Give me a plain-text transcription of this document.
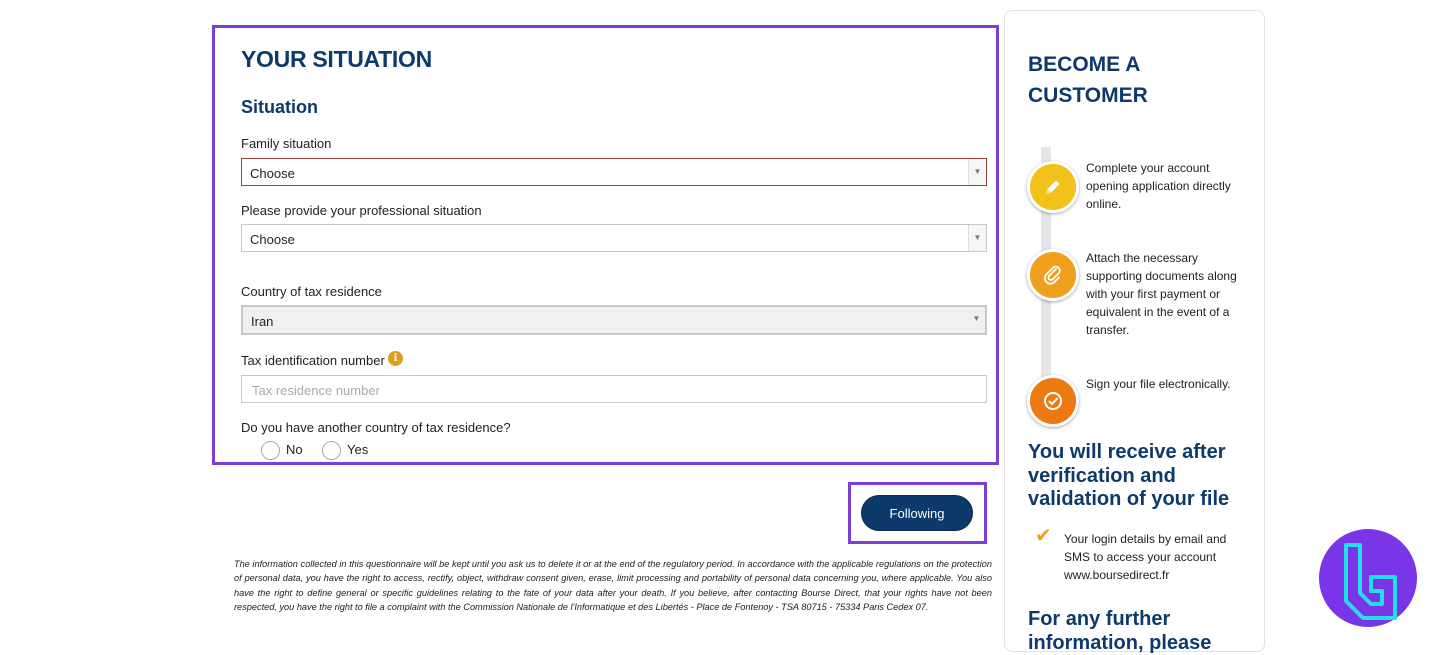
YOUR SITUATION
Situation
Family situation
Choose	▼
Please provide your professional situation
Choose	▼
Country of tax residence
Iran	▼
Tax identification number i
Tax residence number
Do you have another country of tax residence?
No	Yes
Following
The information collected in this questionnaire will be kept until you ask us to delete it or at the end of the regulatory period. In accordance with the applicable regulations on the protection of personal data, you have the right to access, rectify, object, withdraw consent given, erase, limit processing and portability of personal data concerning you, where applicable. You also have the right to define general or specific guidelines relating to the fate of your data after your death. If you believe, after contacting Bourse Direct, that your rights have not been respected, you have the right to file a complaint with the Commission Nationale de l'Informatique et des Libertés - Place de Fontenoy - TSA 80715 - 75334 Paris Cedex 07.
BECOME A CUSTOMER
Complete your account opening application directly online.
Attach the necessary supporting documents along with your first payment or equivalent in the event of a transfer.
Sign your file electronically.
You will receive after verification and validation of your file
✔ Your login details by email and SMS to access your account www.boursedirect.fr
For any further information, please
